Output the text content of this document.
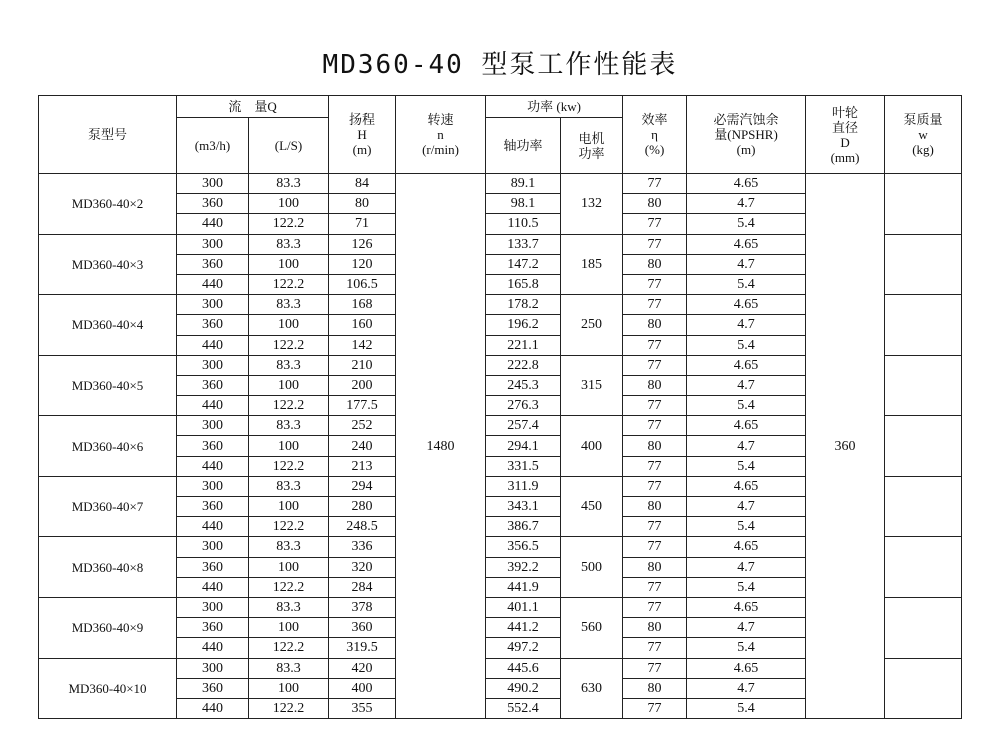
MD360-40 型泵工作性能表
泵型号	流　量Q		扬程
H
(m)	转速
n
(r/min)	功率 (kw)		效率
η
(%)	必需汽蚀余
量(NPSHR)
(m)	叶轮
直径
D
(mm)	泵质量
w
(kg)

	(m3/h)	(L/S)			轴功率	电机
功率				

MD360-40×2	300	83.3	84	1480	89.1	132	77	4.65	360	
	360	100	80		98.1		80	4.7		
	440	122.2	71		110.5		77	5.4		
MD360-40×3	300	83.3	126		133.7	185	77	4.65		
	360	100	120		147.2		80	4.7		
	440	122.2	106.5		165.8		77	5.4		
MD360-40×4	300	83.3	168		178.2	250	77	4.65		
	360	100	160		196.2		80	4.7		
	440	122.2	142		221.1		77	5.4		
MD360-40×5	300	83.3	210		222.8	315	77	4.65		
	360	100	200		245.3		80	4.7		
	440	122.2	177.5		276.3		77	5.4		
MD360-40×6	300	83.3	252		257.4	400	77	4.65		
	360	100	240		294.1		80	4.7		
	440	122.2	213		331.5		77	5.4		
MD360-40×7	300	83.3	294		311.9	450	77	4.65		
	360	100	280		343.1		80	4.7		
	440	122.2	248.5		386.7		77	5.4		
MD360-40×8	300	83.3	336		356.5	500	77	4.65		
	360	100	320		392.2		80	4.7		
	440	122.2	284		441.9		77	5.4		
MD360-40×9	300	83.3	378		401.1	560	77	4.65		
	360	100	360		441.2		80	4.7		
	440	122.2	319.5		497.2		77	5.4		
MD360-40×10	300	83.3	420		445.6	630	77	4.65		
	360	100	400		490.2		80	4.7		
	440	122.2	355		552.4		77	5.4		
